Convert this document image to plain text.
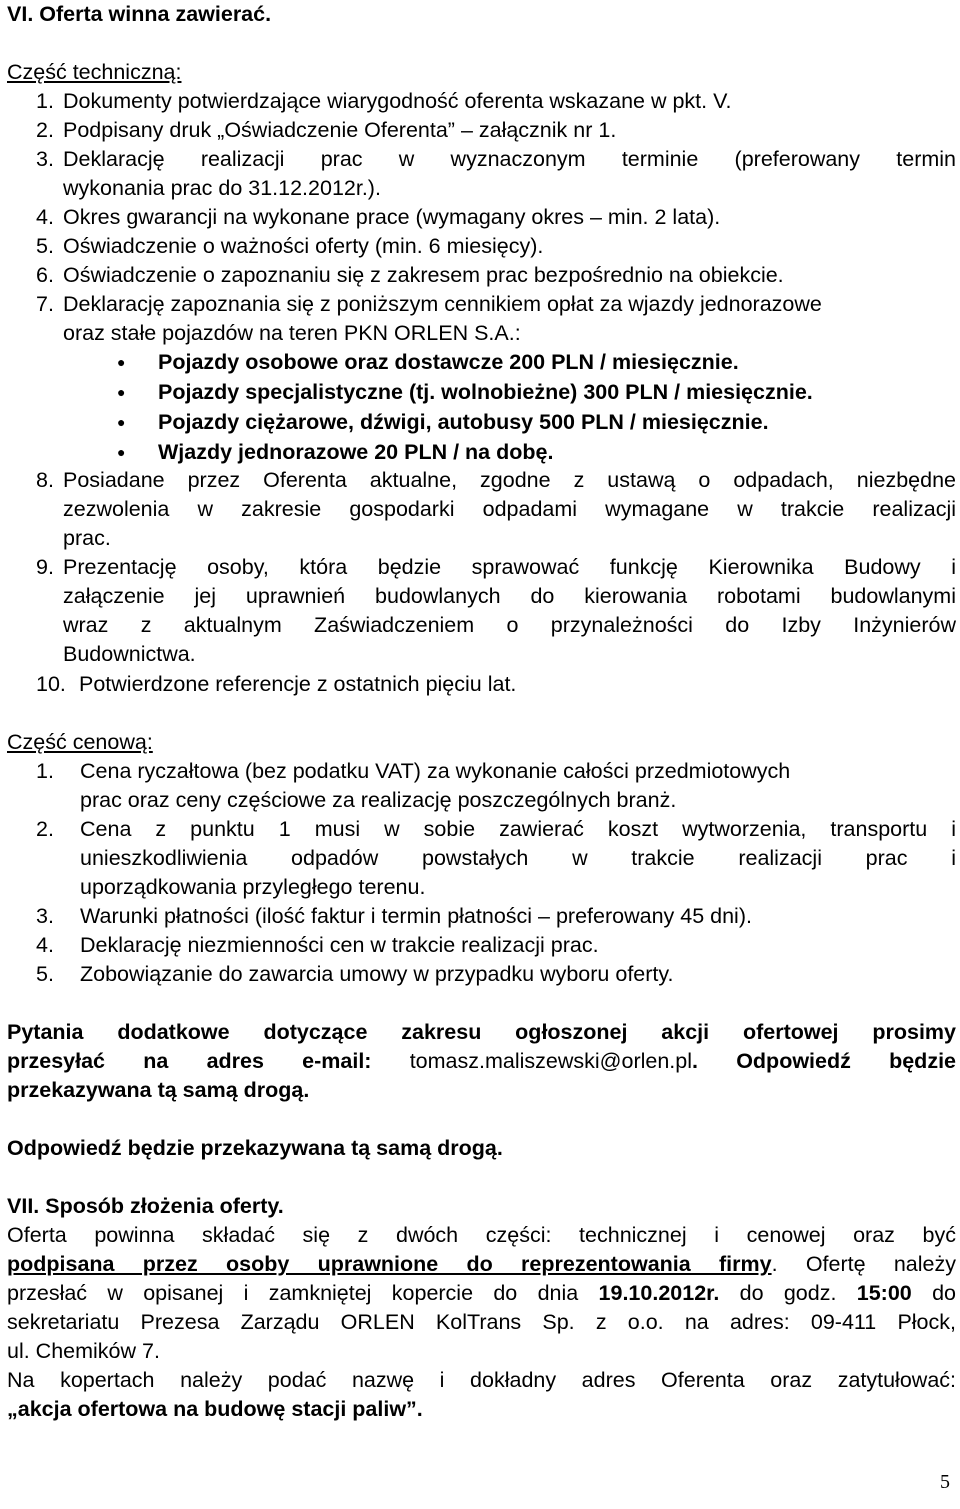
VI. Oferta winna zawierać.
Część techniczną:
1. Dokumenty potwierdzające wiarygodność oferenta wskazane w pkt. V.
2. Podpisany druk „Oświadczenie Oferenta” – załącznik nr 1.
3. Deklarację realizacji prac w wyznaczonym terminie (preferowany termin
wykonania prac do 31.12.2012r.).
4. Okres gwarancji na wykonane prace (wymagany okres – min. 2 lata).
5. Oświadczenie o ważności oferty (min. 6 miesięcy).
6. Oświadczenie o zapoznaniu się z zakresem prac bezpośrednio na obiekcie.
7. Deklarację zapoznania się z poniższym cennikiem opłat za wjazdy jednorazowe
oraz stałe pojazdów na teren PKN ORLEN S.A.:
● Pojazdy osobowe oraz dostawcze 200 PLN / miesięcznie.
● Pojazdy specjalistyczne (tj. wolnobieżne) 300 PLN / miesięcznie.
● Pojazdy ciężarowe, dźwigi, autobusy 500 PLN / miesięcznie.
● Wjazdy jednorazowe 20 PLN / na dobę.
8. Posiadane przez Oferenta aktualne, zgodne z ustawą o odpadach, niezbędne
zezwolenia w zakresie gospodarki odpadami wymagane w trakcie realizacji
prac.
9. Prezentację osoby, która będzie sprawować funkcję Kierownika Budowy i
załączenie jej uprawnień budowlanych do kierowania robotami budowlanymi
wraz z aktualnym Zaświadczeniem o przynależności do Izby Inżynierów
Budownictwa.
10. Potwierdzone referencje z ostatnich pięciu lat.
Część cenową:
1. Cena ryczałtowa (bez podatku VAT) za wykonanie całości przedmiotowych
prac oraz ceny częściowe za realizację poszczególnych branż.
2. Cena z punktu 1 musi w sobie zawierać koszt wytworzenia, transportu i
unieszkodliwienia odpadów powstałych w trakcie realizacji prac i
uporządkowania przyległego terenu.
3. Warunki płatności (ilość faktur i termin płatności – preferowany 45 dni).
4. Deklarację niezmienności cen w trakcie realizacji prac.
5. Zobowiązanie do zawarcia umowy w przypadku wyboru oferty.
Pytania dodatkowe dotyczące zakresu ogłoszonej akcji ofertowej prosimy
przesyłać na adres e-mail: tomasz.maliszewski@orlen.pl. Odpowiedź będzie
przekazywana tą samą drogą.
Odpowiedź będzie przekazywana tą samą drogą.
VII. Sposób złożenia oferty.
Oferta powinna składać się z dwóch części: technicznej i cenowej oraz być
podpisana przez osoby uprawnione do reprezentowania firmy. Ofertę należy
przesłać w opisanej i zamkniętej kopercie do dnia 19.10.2012r. do godz. 15:00 do
sekretariatu Prezesa Zarządu ORLEN KolTrans Sp. z o.o. na adres: 09-411 Płock,
ul. Chemików 7.
Na kopertach należy podać nazwę i dokładny adres Oferenta oraz zatytułować:
„akcja ofertowa na budowę stacji paliw”.
5
